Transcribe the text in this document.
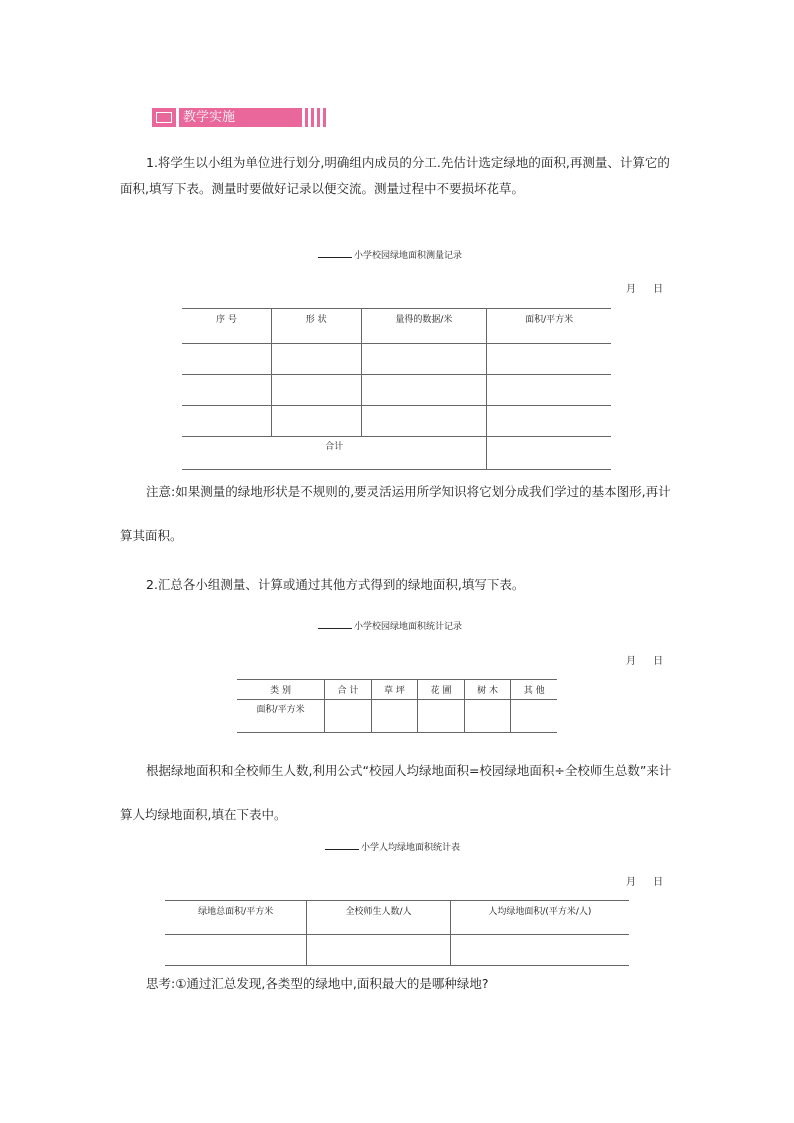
教学实施
1.将学生以小组为单位进行划分,明确组内成员的分工.先估计选定绿地的面积,再测量、计算它的面积,填写下表。测量时要做好记录以便交流。测量过程中不要损坏花草。
小学校园绿地面积测量记录
月 日
序 号	形 状	量得的数据/米	面积/平方米

合计			
注意:如果测量的绿地形状是不规则的,要灵活运用所学知识将它划分成我们学过的基本图形,再计算其面积。
2.汇总各小组测量、计算或通过其他方式得到的绿地面积,填写下表。
小学校园绿地面积统计记录
月 日
类 别	合 计	草 坪	花 圃	树 木	其 他
面积/平方米					
根据绿地面积和全校师生人数,利用公式“校园人均绿地面积=校园绿地面积÷全校师生总数”来计算人均绿地面积,填在下表中。
小学人均绿地面积统计表
月 日
绿地总面积/平方米	全校师生人数/人	人均绿地面积/(平方米/人)

思考:①通过汇总发现,各类型的绿地中,面积最大的是哪种绿地?
